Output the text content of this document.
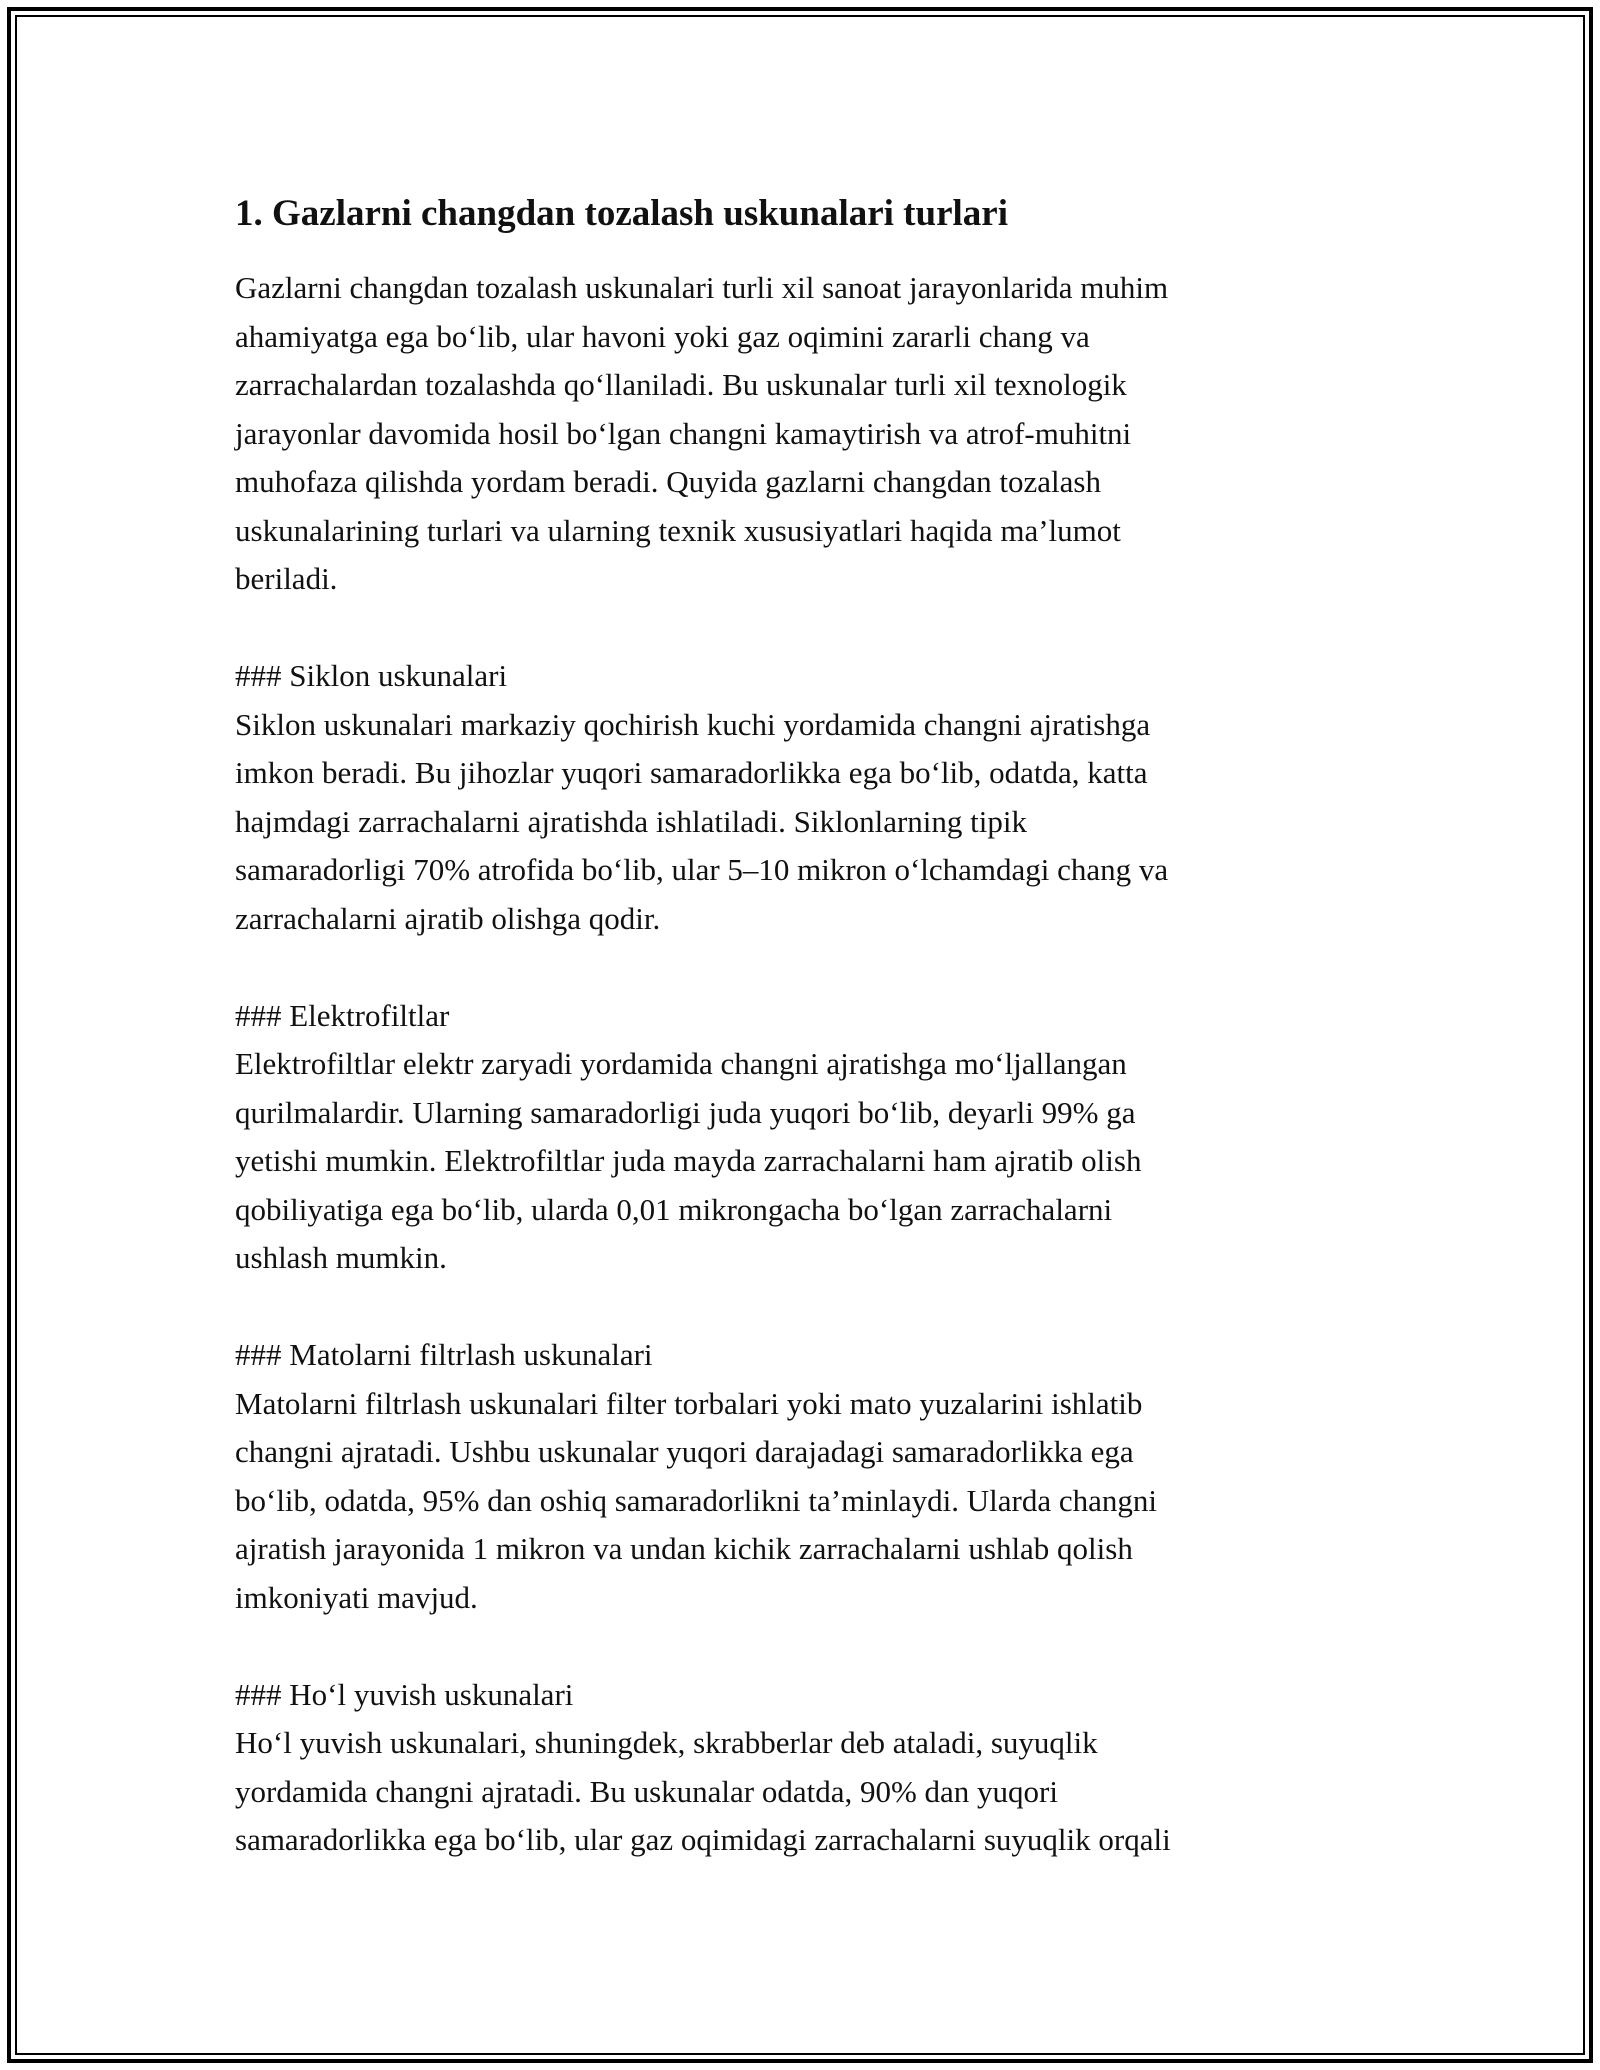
1. Gazlarni changdan tozalash uskunalari turlari

Gazlarni changdan tozalash uskunalari turli xil sanoat jarayonlarida muhim
ahamiyatga ega bo‘lib, ular havoni yoki gaz oqimini zararli chang va
zarrachalardan tozalashda qo‘llaniladi. Bu uskunalar turli xil texnologik
jarayonlar davomida hosil bo‘lgan changni kamaytirish va atrof-muhitni
muhofaza qilishda yordam beradi. Quyida gazlarni changdan tozalash
uskunalarining turlari va ularning texnik xususiyatlari haqida ma’lumot
beriladi.

### Siklon uskunalari

Siklon uskunalari markaziy qochirish kuchi yordamida changni ajratishga
imkon beradi. Bu jihozlar yuqori samaradorlikka ega bo‘lib, odatda, katta
hajmdagi zarrachalarni ajratishda ishlatiladi. Siklonlarning tipik
samaradorligi 70% atrofida bo‘lib, ular 5–10 mikron o‘lchamdagi chang va
zarrachalarni ajratib olishga qodir.

### Elektrofiltlar

Elektrofiltlar elektr zaryadi yordamida changni ajratishga mo‘ljallangan
qurilmalardir. Ularning samaradorligi juda yuqori bo‘lib, deyarli 99% ga
yetishi mumkin. Elektrofiltlar juda mayda zarrachalarni ham ajratib olish
qobiliyatiga ega bo‘lib, ularda 0,01 mikrongacha bo‘lgan zarrachalarni
ushlash mumkin.

### Matolarni filtrlash uskunalari

Matolarni filtrlash uskunalari filter torbalari yoki mato yuzalarini ishlatib
changni ajratadi. Ushbu uskunalar yuqori darajadagi samaradorlikka ega
bo‘lib, odatda, 95% dan oshiq samaradorlikni ta’minlaydi. Ularda changni
ajratish jarayonida 1 mikron va undan kichik zarrachalarni ushlab qolish
imkoniyati mavjud.

### Ho‘l yuvish uskunalari

Ho‘l yuvish uskunalari, shuningdek, skrabberlar deb ataladi, suyuqlik
yordamida changni ajratadi. Bu uskunalar odatda, 90% dan yuqori
samaradorlikka ega bo‘lib, ular gaz oqimidagi zarrachalarni suyuqlik orqali
